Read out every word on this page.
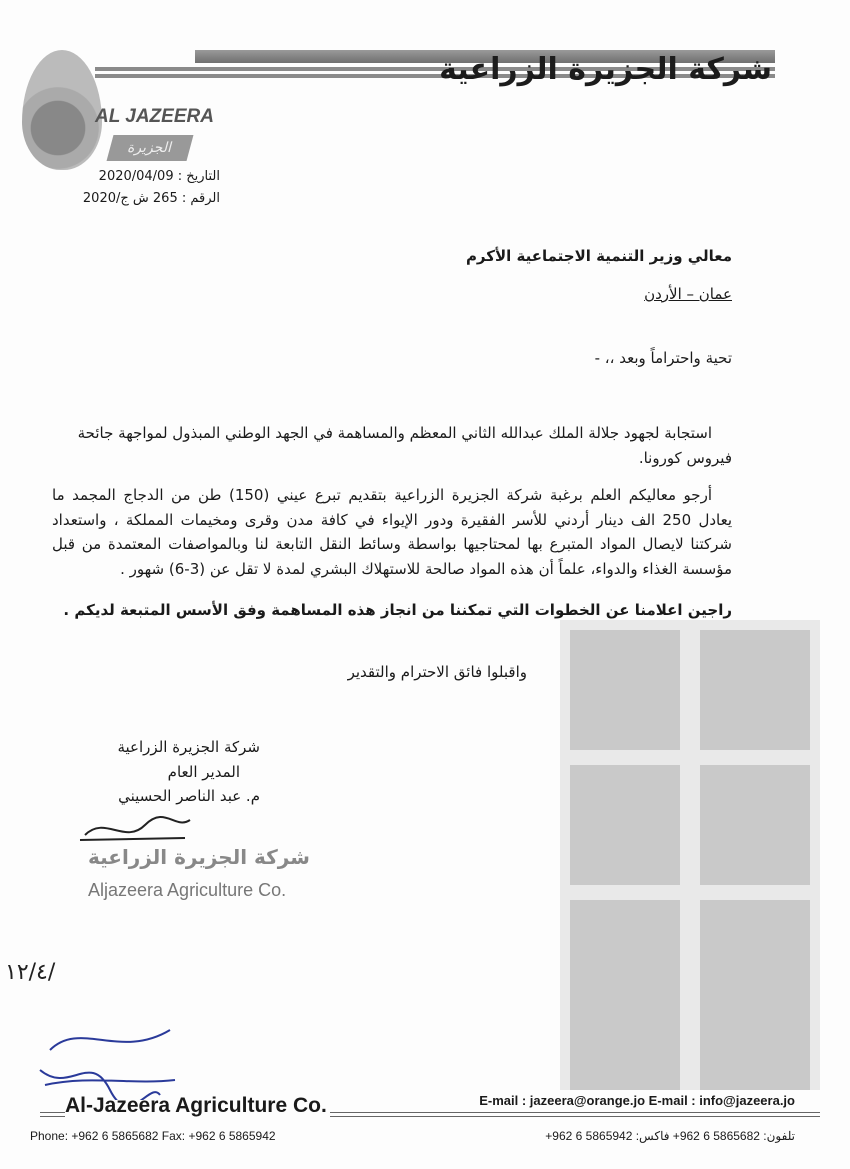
شركة الجزيرة الزراعية
AL JAZEERA
الجزيرة
التاريخ : 2020/04/09
الرقم : 265 ش ج/2020
معالي وزير التنمية الاجتماعية الأكرم
عمان – الأردن
تحية واحتراماً وبعد ،، -
استجابة لجهود جلالة الملك عبدالله الثاني المعظم والمساهمة في الجهد الوطني المبذول لمواجهة جائحة
فيروس كورونا.
أرجو معاليكم العلم برغبة شركة الجزيرة الزراعية بتقديم تبرع عيني (150) طن من الدجاج المجمد ما
يعادل 250 الف دينار أردني للأسر الفقيرة ودور الإيواء في كافة مدن وقرى ومخيمات المملكة ، واستعداد
شركتنا لايصال المواد المتبرع بها لمحتاجيها بواسطة وسائط النقل التابعة لنا وبالمواصفات المعتمدة من قبل
مؤسسة الغذاء والدواء، علماً أن هذه المواد صالحة للاستهلاك البشري لمدة لا تقل عن (3-6) شهور .
راجين اعلامنا عن الخطوات التي تمكننا من انجاز هذه المساهمة وفق الأسس المتبعة لديكم .
واقبلوا فائق الاحترام والتقدير
شركة الجزيرة الزراعية
المدير العام
م. عبد الناصر الحسيني
شركة الجزيرة الزراعية
Aljazeera Agriculture Co.
١٢/٤/
Al-Jazeera Agriculture Co.	E-mail : jazeera@orange.jo E-mail : info@jazeera.jo
Phone: +962 6 5865682 Fax: +962 6 5865942	تلفون: 5865682 6 962+ فاكس: 5865942 6 962+
